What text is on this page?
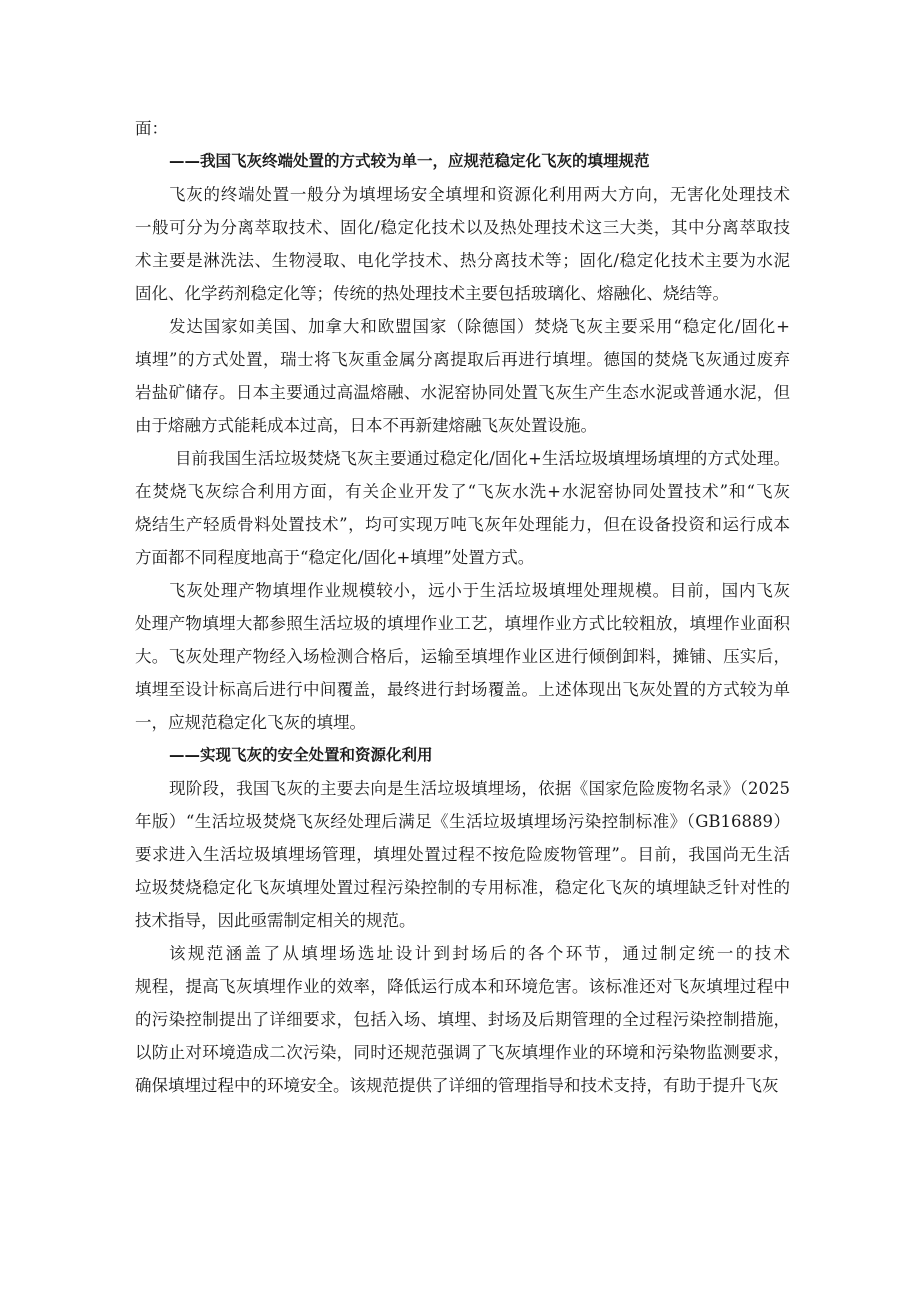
面：
——我国飞灰终端处置的方式较为单一，应规范稳定化飞灰的填埋规范
飞灰的终端处置一般分为填埋场安全填埋和资源化利用两大方向，无害化处理技术
一般可分为分离萃取技术、固化/稳定化技术以及热处理技术这三大类，其中分离萃取技
术主要是淋洗法、生物浸取、电化学技术、热分离技术等；固化/稳定化技术主要为水泥
固化、化学药剂稳定化等；传统的热处理技术主要包括玻璃化、熔融化、烧结等。
发达国家如美国、加拿大和欧盟国家（除德国）焚烧飞灰主要采用“稳定化/固化+
填埋”的方式处置，瑞士将飞灰重金属分离提取后再进行填埋。德国的焚烧飞灰通过废弃
岩盐矿储存。日本主要通过高温熔融、水泥窑协同处置飞灰生产生态水泥或普通水泥，但
由于熔融方式能耗成本过高，日本不再新建熔融飞灰处置设施。
目前我国生活垃圾焚烧飞灰主要通过稳定化/固化+生活垃圾填埋场填埋的方式处理。
在焚烧飞灰综合利用方面，有关企业开发了“飞灰水洗+水泥窑协同处置技术”和“飞灰
烧结生产轻质骨料处置技术”，均可实现万吨飞灰年处理能力，但在设备投资和运行成本
方面都不同程度地高于“稳定化/固化+填埋”处置方式。
飞灰处理产物填埋作业规模较小，远小于生活垃圾填埋处理规模。目前，国内飞灰
处理产物填埋大都参照生活垃圾的填埋作业工艺，填埋作业方式比较粗放，填埋作业面积
大。飞灰处理产物经入场检测合格后，运输至填埋作业区进行倾倒卸料，摊铺、压实后，
填埋至设计标高后进行中间覆盖，最终进行封场覆盖。上述体现出飞灰处置的方式较为单
一，应规范稳定化飞灰的填埋。
——实现飞灰的安全处置和资源化利用
现阶段，我国飞灰的主要去向是生活垃圾填埋场，依据《国家危险废物名录》（2025
年版）“生活垃圾焚烧飞灰经处理后满足《生活垃圾填埋场污染控制标准》（GB16889）
要求进入生活垃圾填埋场管理，填埋处置过程不按危险废物管理”。目前，我国尚无生活
垃圾焚烧稳定化飞灰填埋处置过程污染控制的专用标准，稳定化飞灰的填埋缺乏针对性的
技术指导，因此亟需制定相关的规范。
该规范涵盖了从填埋场选址设计到封场后的各个环节，通过制定统一的技术
规程，提高飞灰填埋作业的效率，降低运行成本和环境危害。该标准还对飞灰填埋过程中
的污染控制提出了详细要求，包括入场、填埋、封场及后期管理的全过程污染控制措施，
以防止对环境造成二次污染，同时还规范强调了飞灰填埋作业的环境和污染物监测要求，
确保填埋过程中的环境安全。该规范提供了详细的管理指导和技术支持，有助于提升飞灰
